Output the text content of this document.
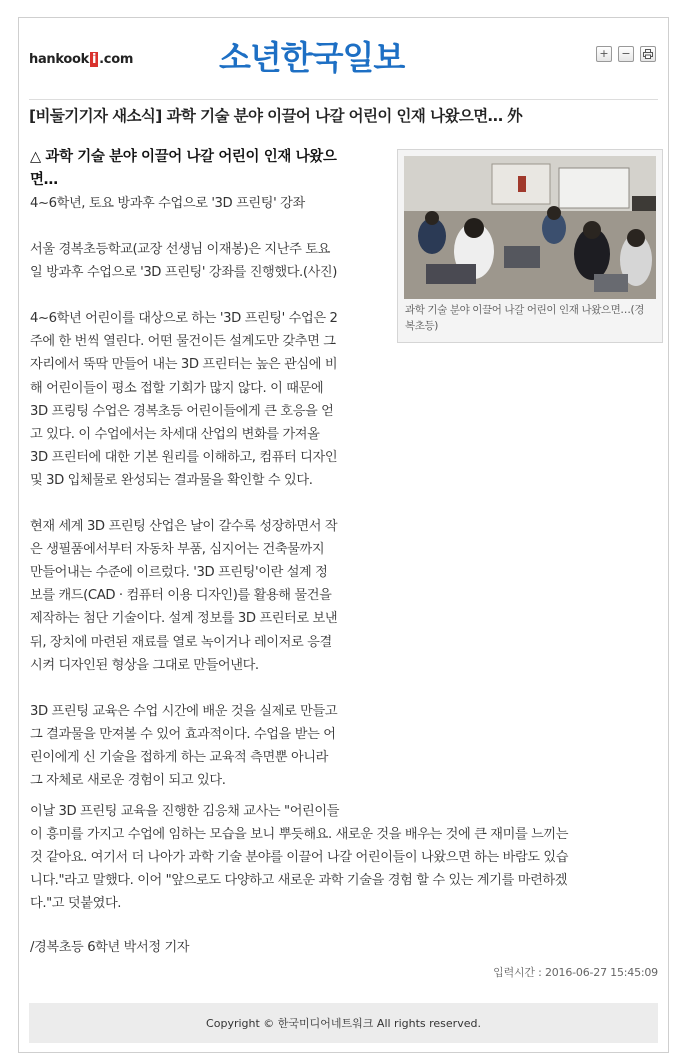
hankook i .com	소년한국일보	+	−
[비둘기기자 새소식] 과학 기술 분야 이끌어 나갈 어린이 인재 나왔으면… 外

△ 과학 기술 분야 이끌어 나갈 어린이 인재 나왔으
면…

4~6학년, 토요 방과후 수업으로 '3D 프린팅' 강좌

서울 경복초등학교(교장 선생님 이재봉)은 지난주 토요
일 방과후 수업으로 '3D 프린팅' 강좌를 진행했다.(사진)

4~6학년 어린이를 대상으로 하는 '3D 프린팅' 수업은 2
주에 한 번씩 열린다. 어떤 물건이든 설계도만 갖추면 그
자리에서 뚝딱 만들어 내는 3D 프린터는 높은 관심에 비
해 어린이들이 평소 접할 기회가 많지 않다. 이 때문에
3D 프링팅 수업은 경복초등 어린이들에게 큰 호응을 얻
고 있다. 이 수업에서는 차세대 산업의 변화를 가져올
3D 프린터에 대한 기본 원리를 이해하고, 컴퓨터 디자인
및 3D 입체물로 완성되는 결과물을 확인할 수 있다.

현재 세계 3D 프린팅 산업은 날이 갈수록 성장하면서 작
은 생필품에서부터 자동차 부품, 심지어는 건축물까지
만들어내는 수준에 이르렀다. '3D 프린팅'이란 설계 정
보를 캐드(CAD · 컴퓨터 이용 디자인)를 활용해 물건을
제작하는 첨단 기술이다. 설계 정보를 3D 프린터로 보낸
뒤, 장치에 마련된 재료를 열로 녹이거나 레이저로 응결
시켜 디자인된 형상을 그대로 만들어낸다.

3D 프린팅 교육은 수업 시간에 배운 것을 실제로 만들고
그 결과물을 만져볼 수 있어 효과적이다. 수업을 받는 어
린이에게 신 기술을 접하게 하는 교육적 측면뿐 아니라
그 자체로 새로운 경험이 되고 있다.

이날 3D 프린팅 교육을 진행한 김응채 교사는 "어린이들
이 흥미를 가지고 수업에 임하는 모습을 보니 뿌듯해요. 새로운 것을 배우는 것에 큰 재미를 느끼는
것 같아요. 여기서 더 나아가 과학 기술 분야를 이끌어 나갈 어린이들이 나왔으면 하는 바람도 있습
니다."라고 말했다. 이어 "앞으로도 다양하고 새로운 과학 기술을 경험 할 수 있는 계기를 마련하겠
다."고 덧붙였다.
/경복초등 6학년 박서정 기자
과학 기술 분야 이끌어 나갈 어린이 인재 나왔으면…(경
복초등)
입력시간 : 2016-06-27 15:45:09
Copyright © 한국미디어네트워크 All rights reserved.
